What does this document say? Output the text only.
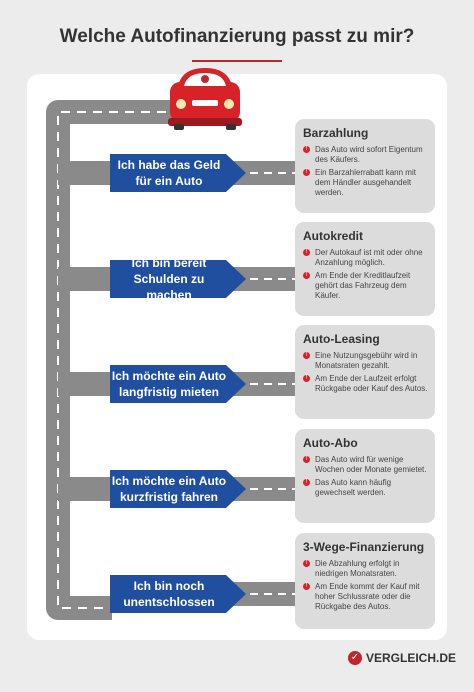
Welche Autofinanzierung passt zu mir?
Ich habe das Geld
für ein Auto
Ich bin bereit
Schulden zu machen
Ich möchte ein Auto
langfristig mieten
Ich möchte ein Auto
kurzfristig fahren
Ich bin noch
unentschlossen
Barzahlung
! Das Auto wird sofort Eigentum des Käufers.
! Ein Barzahlerrabatt kann mit dem Händler ausgehandelt werden.
Autokredit
! Der Autokauf ist mit oder ohne Anzahlung möglich.
! Am Ende der Kreditlaufzeit gehört das Fahrzeug dem Käufer.
Auto-Leasing
! Eine Nutzungsgebühr wird in Monatsraten gezahlt.
! Am Ende der Laufzeit erfolgt Rückgabe oder Kauf des Autos.
Auto-Abo
! Das Auto wird für wenige Wochen oder Monate gemietet.
! Das Auto kann häufig gewechselt werden.
3-Wege-Finanzierung
! Die Abzahlung erfolgt in niedrigen Monatsraten.
! Am Ende kommt der Kauf mit hoher Schlussrate oder die Rückgabe des Autos.
✓ VERGLEICH.DE
